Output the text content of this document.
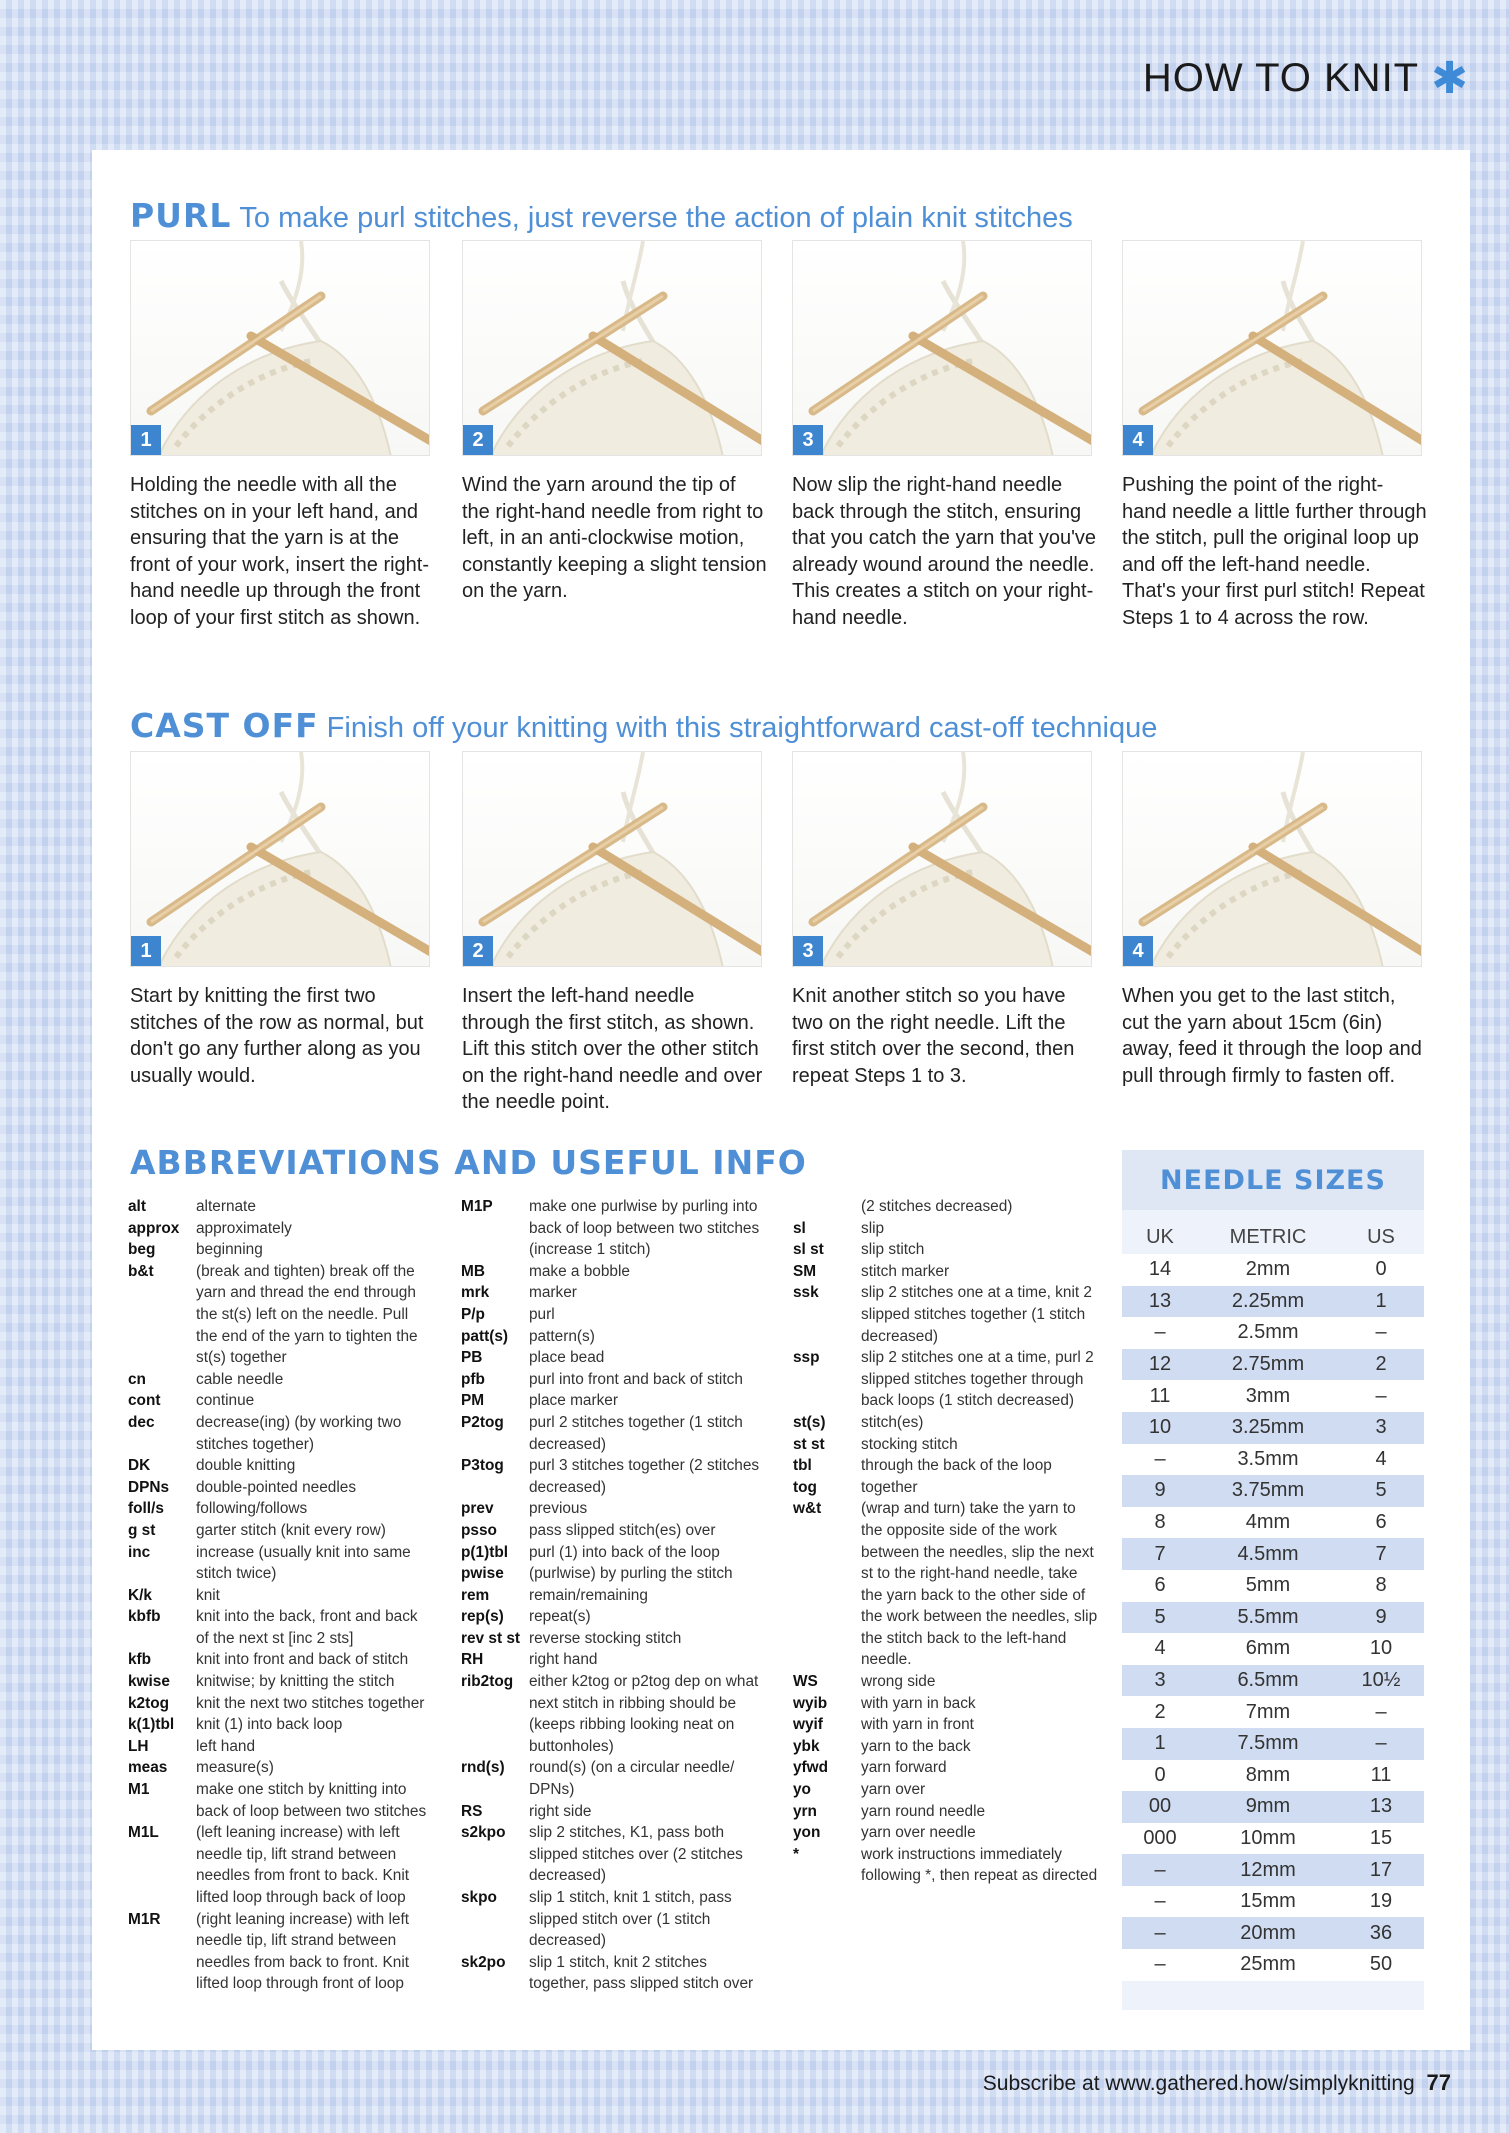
HOW TO KNIT ✱
PURL To make purl stitches, just reverse the action of plain knit stitches
1
Holding the needle with all the stitches on in your left hand, and ensuring that the yarn is at the front of your work, insert the right-hand needle up through the front loop of your first stitch as shown.
2
Wind the yarn around the tip of the right-hand needle from right to left, in an anti-clockwise motion, constantly keeping a slight tension on the yarn.
3
Now slip the right-hand needle back through the stitch, ensuring that you catch the yarn that you've already wound around the needle. This creates a stitch on your right-hand needle.
4
Pushing the point of the right-hand needle a little further through the stitch, pull the original loop up and off the left-hand needle. That's your first purl stitch! Repeat Steps 1 to 4 across the row.
CAST OFF Finish off your knitting with this straightforward cast-off technique
1
Start by knitting the first two stitches of the row as normal, but don't go any further along as you usually would.
2
Insert the left-hand needle through the first stitch, as shown. Lift this stitch over the other stitch on the right-hand needle and over the needle point.
3
Knit another stitch so you have two on the right needle. Lift the first stitch over the second, then repeat Steps 1 to 3.
4
When you get to the last stitch, cut the yarn about 15cm (6in) away, feed it through the loop and pull through firmly to fasten off.
ABBREVIATIONS AND USEFUL INFO
alt	alternate
approx	approximately
beg	beginning
b&t	(break and tighten) break off the yarn and thread the end through the st(s) left on the needle. Pull the end of the yarn to tighten the st(s) together
cn	cable needle
cont	continue
dec	decrease(ing) (by working two stitches together)
DK	double knitting
DPNs	double-pointed needles
foll/s	following/follows
g st	garter stitch (knit every row)
inc	increase (usually knit into same stitch twice)
K/k	knit
kbfb	knit into the back, front and back of the next st [inc 2 sts]
kfb	knit into front and back of stitch
kwise	knitwise; by knitting the stitch
k2tog	knit the next two stitches together
k(1)tbl	knit (1) into back loop
LH	left hand
meas	measure(s)
M1	make one stitch by knitting into back of loop between two stitches
M1L	(left leaning increase) with left needle tip, lift strand between needles from front to back. Knit lifted loop through back of loop
M1R	(right leaning increase) with left needle tip, lift strand between needles from back to front. Knit lifted loop through front of loop
M1P	make one purlwise by purling into back of loop between two stitches (increase 1 stitch)
MB	make a bobble
mrk	marker
P/p	purl
patt(s)	pattern(s)
PB	place bead
pfb	purl into front and back of stitch
PM	place marker
P2tog	purl 2 stitches together (1 stitch decreased)
P3tog	purl 3 stitches together (2 stitches decreased)
prev	previous
psso	pass slipped stitch(es) over
p(1)tbl	purl (1) into back of the loop
pwise	(purlwise) by purling the stitch
rem	remain/remaining
rep(s)	repeat(s)
rev st st reverse stocking stitch
RH	right hand
rib2tog	either k2tog or p2tog dep on what next stitch in ribbing should be (keeps ribbing looking neat on buttonholes)
rnd(s)	round(s) (on a circular needle/ DPNs)
RS	right side
s2kpo	slip 2 stitches, K1, pass both slipped stitches over (2 stitches decreased)
skpo	slip 1 stitch, knit 1 stitch, pass slipped stitch over (1 stitch decreased)
sk2po	slip 1 stitch, knit 2 stitches together, pass slipped stitch over
(2 stitches decreased)
sl	slip
sl st	slip stitch
SM	stitch marker
ssk	slip 2 stitches one at a time, knit 2 slipped stitches together (1 stitch decreased)
ssp	slip 2 stitches one at a time, purl 2 slipped stitches together through back loops (1 stitch decreased)
st(s)	stitch(es)
st st	stocking stitch
tbl	through the back of the loop
tog	together
w&t	(wrap and turn) take the yarn to the opposite side of the work between the needles, slip the next st to the right-hand needle, take the yarn back to the other side of the work between the needles, slip the stitch back to the left-hand needle.
WS	wrong side
wyib	with yarn in back
wyif	with yarn in front
ybk	yarn to the back
yfwd	yarn forward
yo	yarn over
yrn	yarn round needle
yon	yarn over needle
*	work instructions immediately following *, then repeat as directed
NEEDLE SIZES
UK	METRIC	US
14	2mm	0
13	2.25mm	1
–	2.5mm	–
12	2.75mm	2
11	3mm	–
10	3.25mm	3
–	3.5mm	4
9	3.75mm	5
8	4mm	6
7	4.5mm	7
6	5mm	8
5	5.5mm	9
4	6mm	10
3	6.5mm	10½
2	7mm	–
1	7.5mm	–
0	8mm	11
00	9mm	13
000	10mm	15
–	12mm	17
–	15mm	19
–	20mm	36
–	25mm	50
Subscribe at www.gathered.how/simplyknitting 77
